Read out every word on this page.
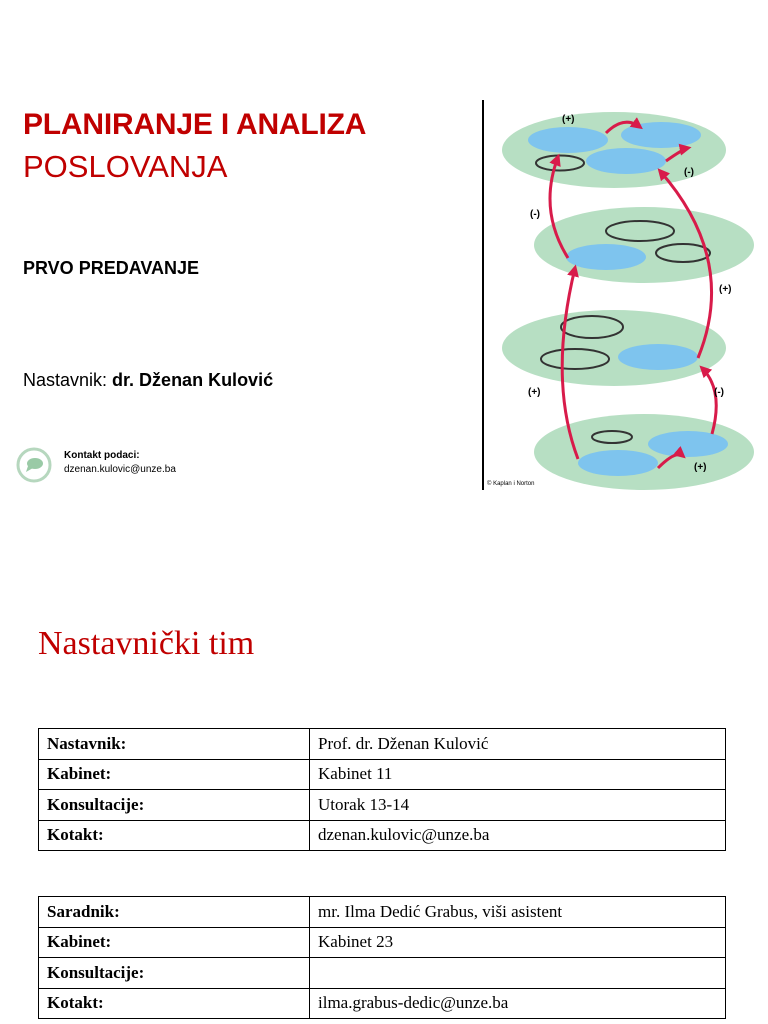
PLANIRANJE I ANALIZA
POSLOVANJA
PRVO PREDAVANJE
Nastavnik: dr. Dženan Kulović
Kontakt podaci:
dzenan.kulovic@unze.ba
(+)
(-)
(-)
(+)
(+)	(-)
(+)
© Kaplan i Norton
Nastavnički tim
Nastavnik:	Prof. dr. Dženan Kulović
Kabinet:	Kabinet 11
Konsultacije:	Utorak 13-14
Kotakt:	dzenan.kulovic@unze.ba
Saradnik:	mr. Ilma Dedić Grabus, viši asistent
Kabinet:	Kabinet 23
Konsultacije:	
Kotakt:	ilma.grabus-dedic@unze.ba
